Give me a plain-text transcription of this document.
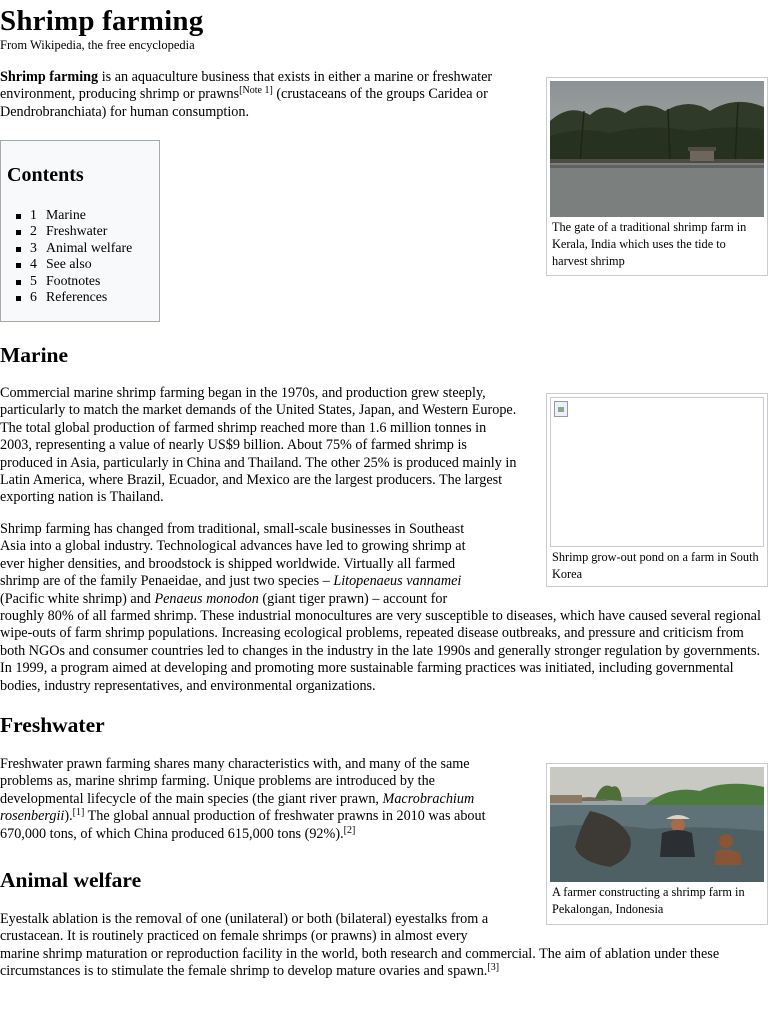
Shrimp farming
From Wikipedia, the free encyclopedia

Shrimp farming is an aquaculture business that exists in either a marine or freshwater environment, producing shrimp or prawns[Note 1] (crustaceans of the groups Caridea or Dendrobranchiata) for human consumption.

Contents
1 Marine
2 Freshwater
3 Animal welfare
4 See also
5 Footnotes
6 References
The gate of a traditional shrimp farm in Kerala, India which uses the tide to harvest shrimp
Marine

Commercial marine shrimp farming began in the 1970s, and production grew steeply, particularly to match the market demands of the United States, Japan, and Western Europe. The total global production of farmed shrimp reached more than 1.6 million tonnes in 2003, representing a value of nearly US$9 billion. About 75% of farmed shrimp is produced in Asia, particularly in China and Thailand. The other 25% is produced mainly in Latin America, where Brazil, Ecuador, and Mexico are the largest producers. The largest exporting nation is Thailand.

Shrimp grow-out pond on a farm in South Korea
Shrimp farming has changed from traditional, small-scale businesses in Southeast
Asia into a global industry. Technological advances have led to growing shrimp at
ever higher densities, and broodstock is shipped worldwide. Virtually all farmed
shrimp are of the family Penaeidae, and just two species – Litopenaeus vannamei
(Pacific white shrimp) and Penaeus monodon (giant tiger prawn) – account for

roughly 80% of all farmed shrimp. These industrial monocultures are very susceptible to diseases, which have caused several regional wipe-outs of farm shrimp populations. Increasing ecological problems, repeated disease outbreaks, and pressure and criticism from both NGOs and consumer countries led to changes in the industry in the late 1990s and generally stronger regulation by governments. In 1999, a program aimed at developing and promoting more sustainable farming practices was initiated, including governmental bodies, industry representatives, and environmental organizations.

Freshwater

Freshwater prawn farming shares many characteristics with, and many of the same problems as, marine shrimp farming. Unique problems are introduced by the developmental lifecycle of the main species (the giant river prawn, Macrobrachium rosenbergii).[1] The global annual production of freshwater prawns in 2010 was about 670,000 tons, of which China produced 615,000 tons (92%).[2]

A farmer constructing a shrimp farm in Pekalongan, Indonesia
Animal welfare

Eyestalk ablation is the removal of one (unilateral) or both (bilateral) eyestalks from a crustacean. It is routinely practiced on female shrimps (or prawns) in almost every

marine shrimp maturation or reproduction facility in the world, both research and commercial. The aim of ablation under these circumstances is to stimulate the female shrimp to develop mature ovaries and spawn.[3]
